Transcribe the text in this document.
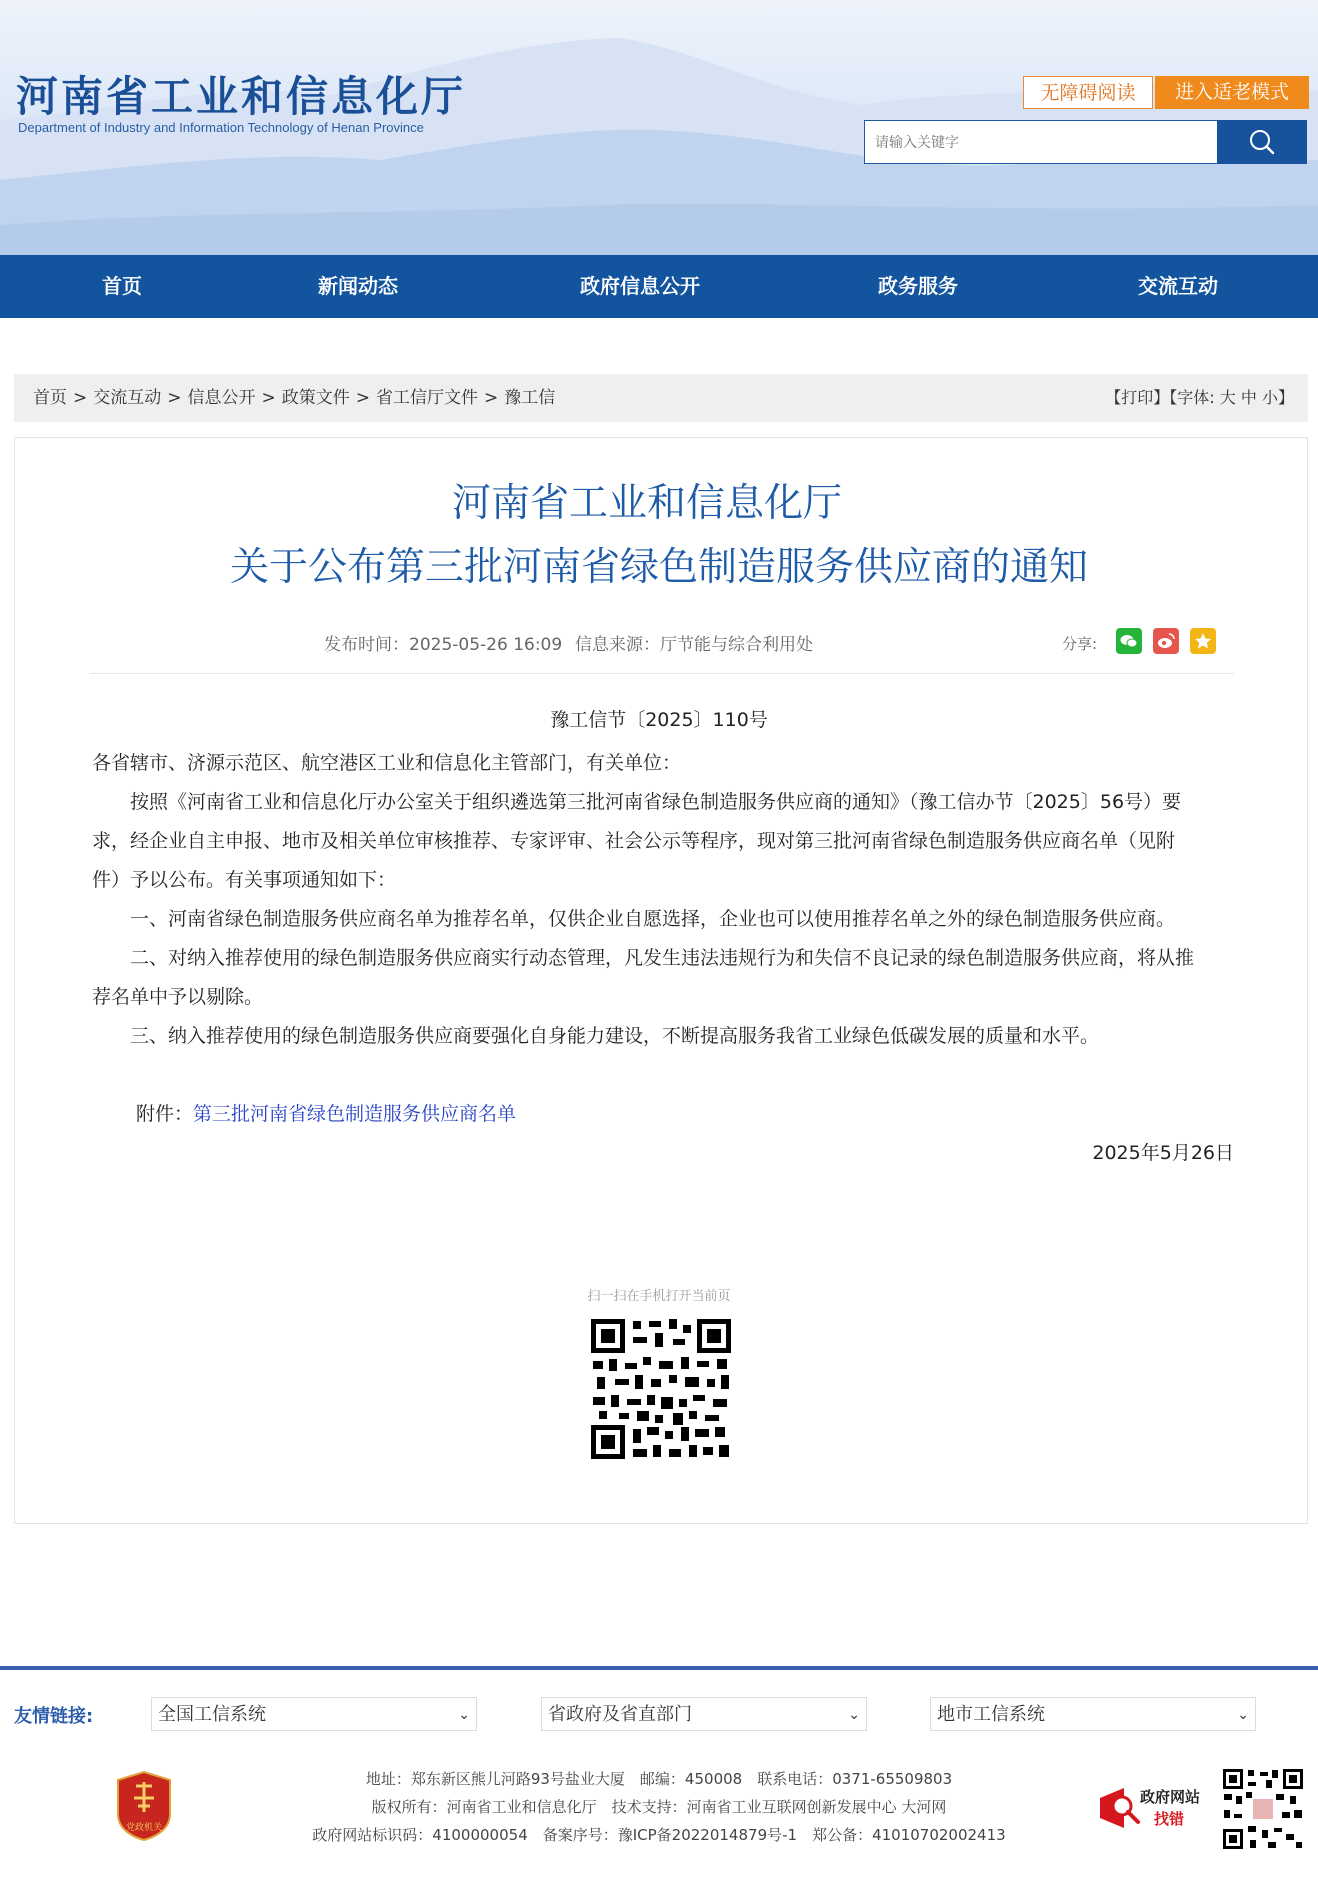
河南省工业和信息化厅
Department of Industry and Information Technology of Henan Province
无障碍阅读	进入适老模式
请输入关键字
首页	新闻动态	政府信息公开	政务服务	交流互动
首页 > 交流互动 > 信息公开 > 政策文件 > 省工信厅文件 > 豫工信	【打印】【字体: 大 中 小】
河南省工业和信息化厅
关于公布第三批河南省绿色制造服务供应商的通知
发布时间：2025-05-26 16:09 信息来源：厅节能与综合利用处	分享:
豫工信节〔2025〕110号
各省辖市、济源示范区、航空港区工业和信息化主管部门，有关单位：
按照《河南省工业和信息化厅办公室关于组织遴选第三批河南省绿色制造服务供应商的通知》（豫工信办节〔2025〕56号）要
求，经企业自主申报、地市及相关单位审核推荐、专家评审、社会公示等程序，现对第三批河南省绿色制造服务供应商名单（见附
件）予以公布。有关事项通知如下：
一、河南省绿色制造服务供应商名单为推荐名单，仅供企业自愿选择，企业也可以使用推荐名单之外的绿色制造服务供应商。
二、对纳入推荐使用的绿色制造服务供应商实行动态管理，凡发生违法违规行为和失信不良记录的绿色制造服务供应商，将从推
荐名单中予以剔除。
三、纳入推荐使用的绿色制造服务供应商要强化自身能力建设，不断提高服务我省工业绿色低碳发展的质量和水平。
附件：第三批河南省绿色制造服务供应商名单
2025年5月26日
扫一扫在手机打开当前页
友情链接:	全国工信系统	⌄	省政府及省直部门	⌄	地市工信系统	⌄
党政机关
地址：郑东新区熊儿河路93号盐业大厦　邮编：450008　联系电话：0371-65509803
版权所有：河南省工业和信息化厅　技术支持：河南省工业互联网创新发展中心 大河网
政府网站标识码：4100000054　备案序号：豫ICP备2022014879号-1　郑公备：41010702002413
政府网站
找错
